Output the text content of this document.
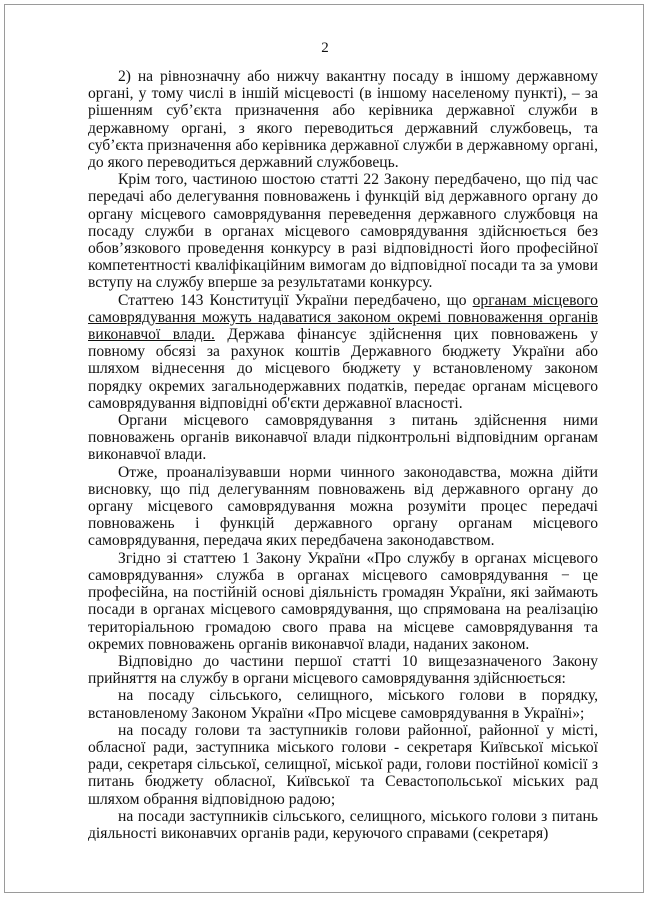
2

2) на рівнозначну або нижчу вакантну посаду в іншому державному органі, у тому числі в іншій місцевості (в іншому населеному пункті), – за рішенням суб’єкта призначення або керівника державної служби в державному органі, з якого переводиться державний службовець, та суб’єкта призначення або керівника державної служби в державному органі, до якого переводиться державний службовець.

Крім того, частиною шостою статті 22 Закону передбачено, що під час передачі або делегування повноважень і функцій від державного органу до органу місцевого самоврядування переведення державного службовця на посаду служби в органах місцевого самоврядування здійснюється без обов’язкового проведення конкурсу в разі відповідності його професійної компетентності кваліфікаційним вимогам до відповідної посади та за умови вступу на службу вперше за результатами конкурсу.

Статтею 143 Конституції України передбачено, що органам місцевого самоврядування можуть надаватися законом окремі повноваження органів виконавчої влади. Держава фінансує здійснення цих повноважень у повному обсязі за рахунок коштів Державного бюджету України або шляхом віднесення до місцевого бюджету у встановленому законом порядку окремих загальнодержавних податків, передає органам місцевого самоврядування відповідні об'єкти державної власності.

Органи місцевого самоврядування з питань здійснення ними повноважень органів виконавчої влади підконтрольні відповідним органам виконавчої влади.

Отже, проаналізувавши норми чинного законодавства, можна дійти висновку, що під делегуванням повноважень від державного органу до органу місцевого самоврядування можна розуміти процес передачі повноважень і функцій державного органу органам місцевого самоврядування, передача яких передбачена законодавством.

Згідно зі статтею 1 Закону України «Про службу в органах місцевого самоврядування» служба в органах місцевого самоврядування − це професійна, на постійній основі діяльність громадян України, які займають посади в органах місцевого самоврядування, що спрямована на реалізацію територіальною громадою свого права на місцеве самоврядування та окремих повноважень органів виконавчої влади, наданих законом.

Відповідно до частини першої статті 10 вищезазначеного Закону прийняття на службу в органи місцевого самоврядування здійснюється:

на посаду сільського, селищного, міського голови в порядку, встановленому Законом України «Про місцеве самоврядування в Україні»;

на посаду голови та заступників голови районної, районної у місті, обласної ради, заступника міського голови - секретаря Київської міської ради, секретаря сільської, селищної, міської ради, голови постійної комісії з питань бюджету обласної, Київської та Севастопольської міських рад шляхом обрання відповідною радою;

на посади заступників сільського, селищного, міського голови з питань діяльності виконавчих органів ради, керуючого справами (секретаря)
